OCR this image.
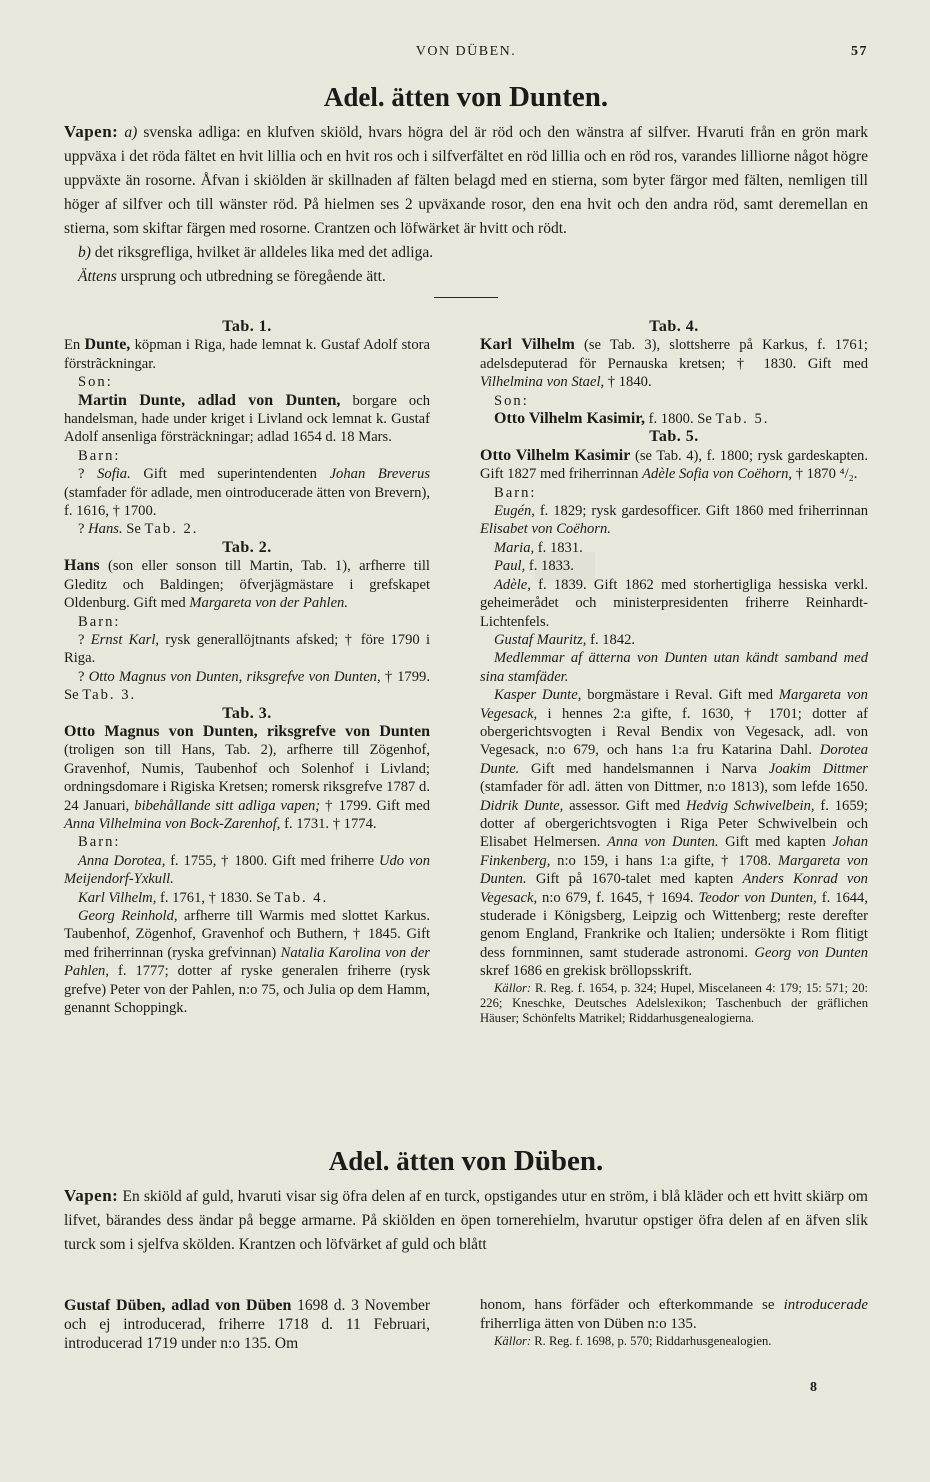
VON DÜBEN.	57
Adel. ätten von Dunten.

Vapen: a) svenska adliga: en klufven skiöld, hvars högra del är röd och den wänstra af silfver. Hvaruti från en grön mark uppväxa i det röda fältet en hvit lillia och en hvit ros och i silfverfältet en röd lillia och en röd ros, varandes lilliorne något högre uppväxte än rosorne. Åfvan i skiölden är skillnaden af fälten belagd med en stierna, som byter färgor med fälten, nemligen till höger af silfver och till wänster röd. På hielmen ses 2 upväxande rosor, den ena hvit och den andra röd, samt deremellan en stierna, som skiftar färgen med rosorne. Crantzen och löfwärket är hvitt och rödt.

b) det riksgrefliga, hvilket är alldeles lika med det adliga.

Ättens ursprung och utbredning se föregående ätt.

Tab. 1.

En Dunte, köpman i Riga, hade lemnat k. Gustaf Adolf stora förstrãckningar.

Son:

Martin Dunte, adlad von Dunten, borgare och handelsman, hade under kriget i Livland ock lemnat k. Gustaf Adolf ansenliga försträckningar; adlad 1654 d. 18 Mars.

Barn:

? Sofia. Gift med superintendenten Johan Breverus (stamfader för adlade, men ointroducerade ätten von Brevern), f. 1616, † 1700.

? Hans. Se Tab. 2.

Tab. 2.

Hans (son eller sonson till Martin, Tab. 1), arfherre till Gleditz och Baldingen; öfverjägmästare i grefskapet Oldenburg. Gift med Margareta von der Pahlen.

Barn:

? Ernst Karl, rysk generallöjtnants afsked; † före 1790 i Riga.

? Otto Magnus von Dunten, riksgrefve von Dunten, † 1799. Se Tab. 3.

Tab. 3.

Otto Magnus von Dunten, riksgrefve von Dunten (troligen son till Hans, Tab. 2), arfherre till Zögenhof, Gravenhof, Numis, Taubenhof och Solenhof i Livland; ordningsdomare i Rigiska Kretsen; romersk riksgrefve 1787 d. 24 Januari, bibehållande sitt adliga vapen; † 1799. Gift med Anna Vilhelmina von Bock-Zarenhof, f. 1731. † 1774.

Barn:

Anna Dorotea, f. 1755, † 1800. Gift med friherre Udo von Meijendorf-Yxkull.

Karl Vilhelm, f. 1761, † 1830. Se Tab. 4.

Georg Reinhold, arfherre till Warmis med slottet Karkus. Taubenhof, Zögenhof, Gravenhof och Buthern, † 1845. Gift med friherrinnan (ryska grefvinnan) Natalia Karolina von der Pahlen, f. 1777; dotter af ryske generalen friherre (rysk grefve) Peter von der Pahlen, n:o 75, och Julia op dem Hamm, genannt Schoppingk.

Tab. 4.

Karl Vilhelm (se Tab. 3), slottsherre på Karkus, f. 1761; adelsdeputerad för Pernauska kretsen; † 1830. Gift med Vilhelmina von Stael, † 1840.

Son:

Otto Vilhelm Kasimir, f. 1800. Se Tab. 5.

Tab. 5.

Otto Vilhelm Kasimir (se Tab. 4), f. 1800; rysk gardeskapten. Gift 1827 med friherrinnan Adèle Sofia von Coëhorn, † 1870 ⁴/₂.

Barn:

Eugén, f. 1829; rysk gardesofficer. Gift 1860 med friherrinnan Elisabet von Coëhorn.

Maria, f. 1831.

Paul, f. 1833.

Adèle, f. 1839. Gift 1862 med storhertigliga hessiska verkl. geheimerådet och ministerpresidenten friherre Reinhardt-Lichtenfels.

Gustaf Mauritz, f. 1842.

Medlemmar af ätterna von Dunten utan kändt samband med sina stamfäder.

Kasper Dunte, borgmästare i Reval. Gift med Margareta von Vegesack, i hennes 2:a gifte, f. 1630, † 1701; dotter af obergerichtsvogten i Reval Bendix von Vegesack, adl. von Vegesack, n:o 679, och hans 1:a fru Katarina Dahl. Dorotea Dunte. Gift med handelsmannen i Narva Joakim Dittmer (stamfader för adl. ätten von Dittmer, n:o 1813), som lefde 1650. Didrik Dunte, assessor. Gift med Hedvig Schwivelbein, f. 1659; dotter af obergerichtsvogten i Riga Peter Schwivelbein och Elisabet Helmersen. Anna von Dunten. Gift med kapten Johan Finkenberg, n:o 159, i hans 1:a gifte, † 1708. Margareta von Dunten. Gift på 1670-talet med kapten Anders Konrad von Vegesack, n:o 679, f. 1645, † 1694. Teodor von Dunten, f. 1644, studerade i Königsberg, Leipzig och Wittenberg; reste derefter genom England, Frankrike och Italien; undersökte i Rom flitigt dess fornminnen, samt studerade astronomi. Georg von Dunten skref 1686 en grekisk bröllopsskrift.

Källor: R. Reg. f. 1654, p. 324; Hupel, Miscelaneen 4: 179; 15: 571; 20: 226; Kneschke, Deutsches Adelslexikon; Taschenbuch der gräflichen Häuser; Schönfelts Matrikel; Riddarhusgenealogierna.

Adel. ätten von Düben.

Vapen: En skiöld af guld, hvaruti visar sig öfra delen af en turck, opstigandes utur en ström, i blå kläder och ett hvitt skiärp om lifvet, bärandes dess ändar på begge armarne. På skiölden en öpen tornerehielm, hvarutur opstiger öfra delen af en äfven slik turck som i sjelfva skölden. Krantzen och löfvärket af guld och blått

Gustaf Düben, adlad von Düben 1698 d. 3 November och ej introducerad, friherre 1718 d. 11 Februari, introducerad 1719 under n:o 135. Om

honom, hans förfäder och efterkommande se introducerade friherrliga ätten von Düben n:o 135.

Källor: R. Reg. f. 1698, p. 570; Riddarhusgenealogien.

8
